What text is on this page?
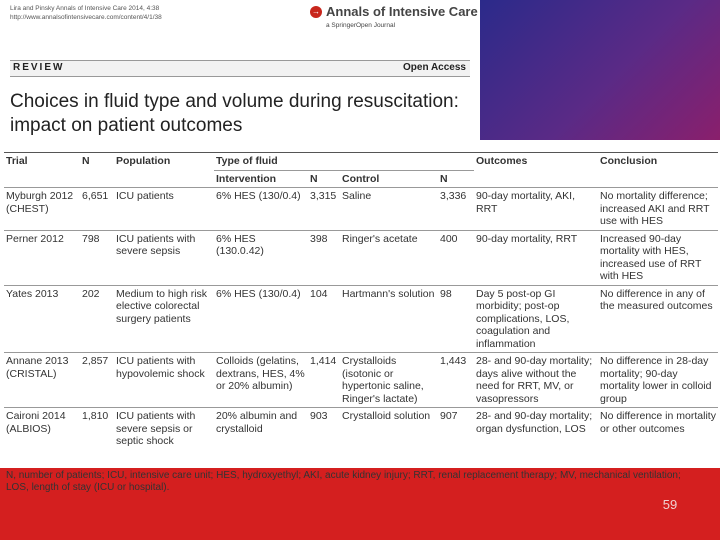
59
Lira and Pinsky Annals of Intensive Care 2014, 4:38
http://www.annalsofintensivecare.com/content/4/1/38
→ Annals of Intensive Care
a SpringerOpen Journal
REVIEW	Open Access
Choices in fluid type and volume during resuscitation: impact on patient outcomes
Trial	N	Population	Type of fluid				Outcomes	Conclusion
			Intervention	N	Control	N		
Myburgh 2012 (CHEST)	6,651	ICU patients	6% HES (130/0.4)	3,315	Saline	3,336	90-day mortality, AKI, RRT	No mortality difference; increased AKI and RRT use with HES
Perner 2012	798	ICU patients with severe sepsis	6% HES (130.0.42)	398	Ringer's acetate	400	90-day mortality, RRT	Increased 90-day mortality with HES, increased use of RRT with HES
Yates 2013	202	Medium to high risk elective colorectal surgery patients	6% HES (130/0.4)	104	Hartmann's solution	98	Day 5 post-op GI morbidity; post-op complications, LOS, coagulation and inflammation	No difference in any of the measured outcomes
Annane 2013 (CRISTAL)	2,857	ICU patients with hypovolemic shock	Colloids (gelatins, dextrans, HES, 4% or 20% albumin)	1,414	Crystalloids (isotonic or hypertonic saline, Ringer's lactate)	1,443	28- and 90-day mortality; days alive without the need for RRT, MV, or vasopressors	No difference in 28-day mortality; 90-day mortality lower in colloid group
Caironi 2014 (ALBIOS)	1,810	ICU patients with severe sepsis or septic shock	20% albumin and crystalloid	903	Crystalloid solution	907	28- and 90-day mortality; organ dysfunction, LOS	No difference in mortality or other outcomes
N, number of patients; ICU, intensive care unit; HES, hydroxyethyl; AKI, acute kidney injury; RRT, renal replacement therapy; MV, mechanical ventilation; LOS, length of stay (ICU or hospital).
